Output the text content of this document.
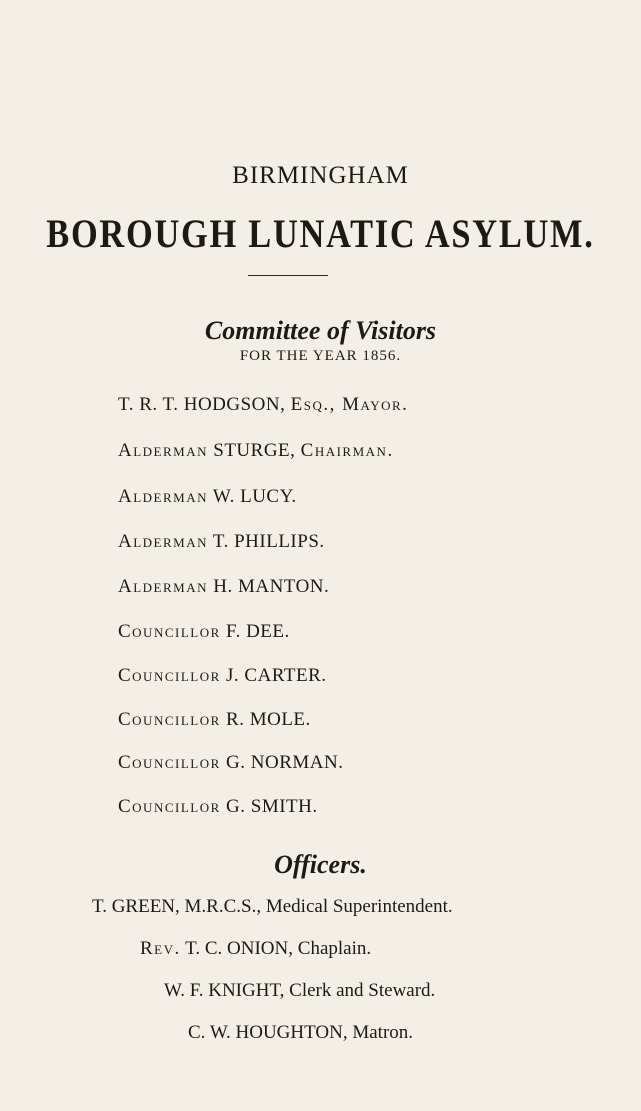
BIRMINGHAM
BOROUGH LUNATIC ASYLUM.
Committee of Visitors
FOR THE YEAR 1856.
T. R. T. HODGSON, Esq., Mayor.
Alderman STURGE, Chairman.
Alderman W. LUCY.
Alderman T. PHILLIPS.
Alderman H. MANTON.
Councillor F. DEE.
Councillor J. CARTER.
Councillor R. MOLE.
Councillor G. NORMAN.
Councillor G. SMITH.
Officers.
T. GREEN, M.R.C.S., Medical Superintendent.
Rev. T. C. ONION, Chaplain.
W. F. KNIGHT, Clerk and Steward.
C. W. HOUGHTON, Matron.
